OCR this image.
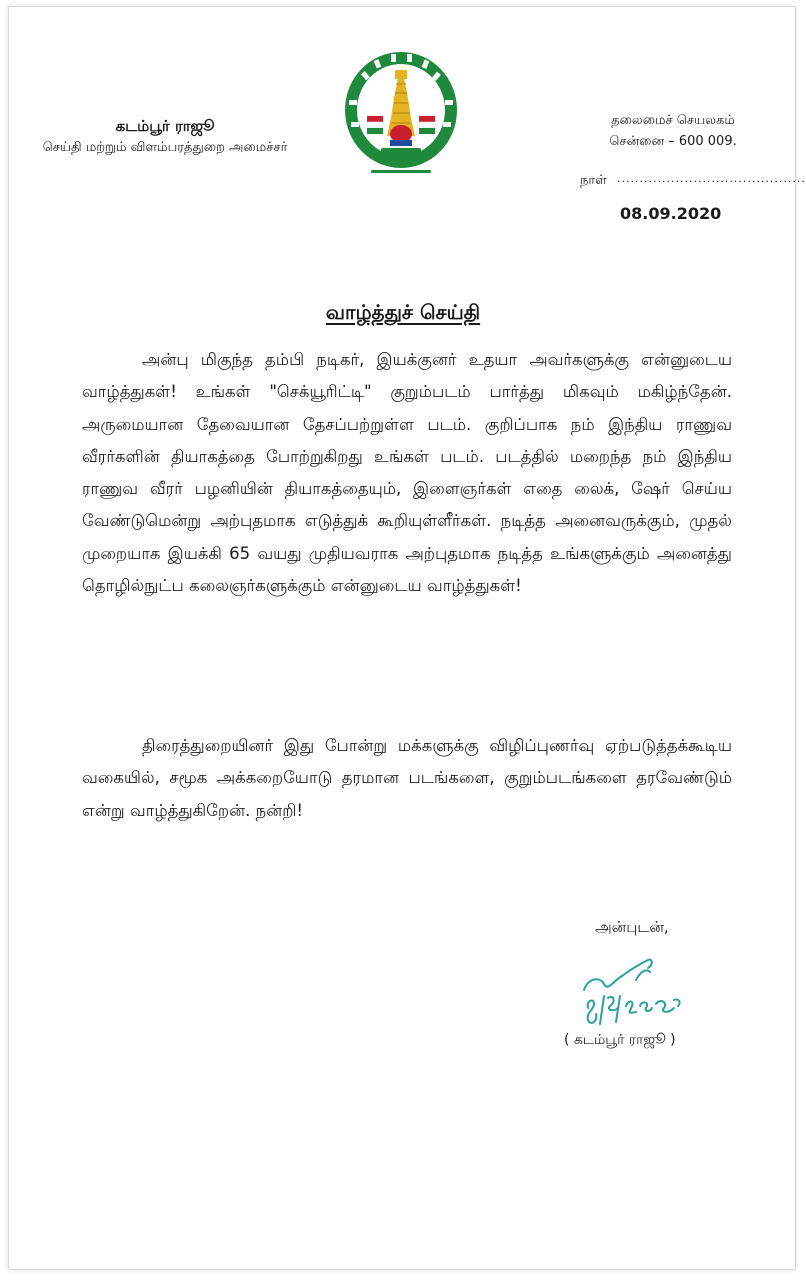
கடம்பூர் ராஜூ
செய்தி மற்றும் விளம்பரத்துறை அமைச்சர்
தலைமைச் செயலகம்
சென்னை – 600 009.
நாள் ..........................................
08.09.2020
வாழ்த்துச் செய்தி

அன்பு மிகுந்த தம்பி நடிகர், இயக்குனர் உதயா அவர்களுக்கு என்னுடைய வாழ்த்துகள்! உங்கள் "செக்யூரிட்டி" குறும்படம் பார்த்து மிகவும் மகிழ்ந்தேன். அருமையான தேவையான தேசப்பற்றுள்ள படம். குறிப்பாக நம் இந்திய ராணுவ வீரர்களின் தியாகத்தை போற்றுகிறது உங்கள் படம். படத்தில் மறைந்த நம் இந்திய ராணுவ வீரர் பழனியின் தியாகத்தையும், இளைஞர்கள் எதை லைக், ஷேர் செய்ய வேண்டுமென்று அற்புதமாக எடுத்துக் கூறியுள்ளீர்கள். நடித்த அனைவருக்கும், முதல் முறையாக இயக்கி 65 வயது முதியவராக அற்புதமாக நடித்த உங்களுக்கும் அனைத்து தொழில்நுட்ப கலைஞர்களுக்கும் என்னுடைய வாழ்த்துகள்!

திரைத்துறையினர் இது போன்று மக்களுக்கு விழிப்புணர்வு ஏற்படுத்தக்கூடிய வகையில், சமூக அக்கறையோடு தரமான படங்களை, குறும்படங்களை தரவேண்டும் என்று வாழ்த்துகிறேன். நன்றி!

அன்புடன்,
( கடம்பூர் ராஜூ )
